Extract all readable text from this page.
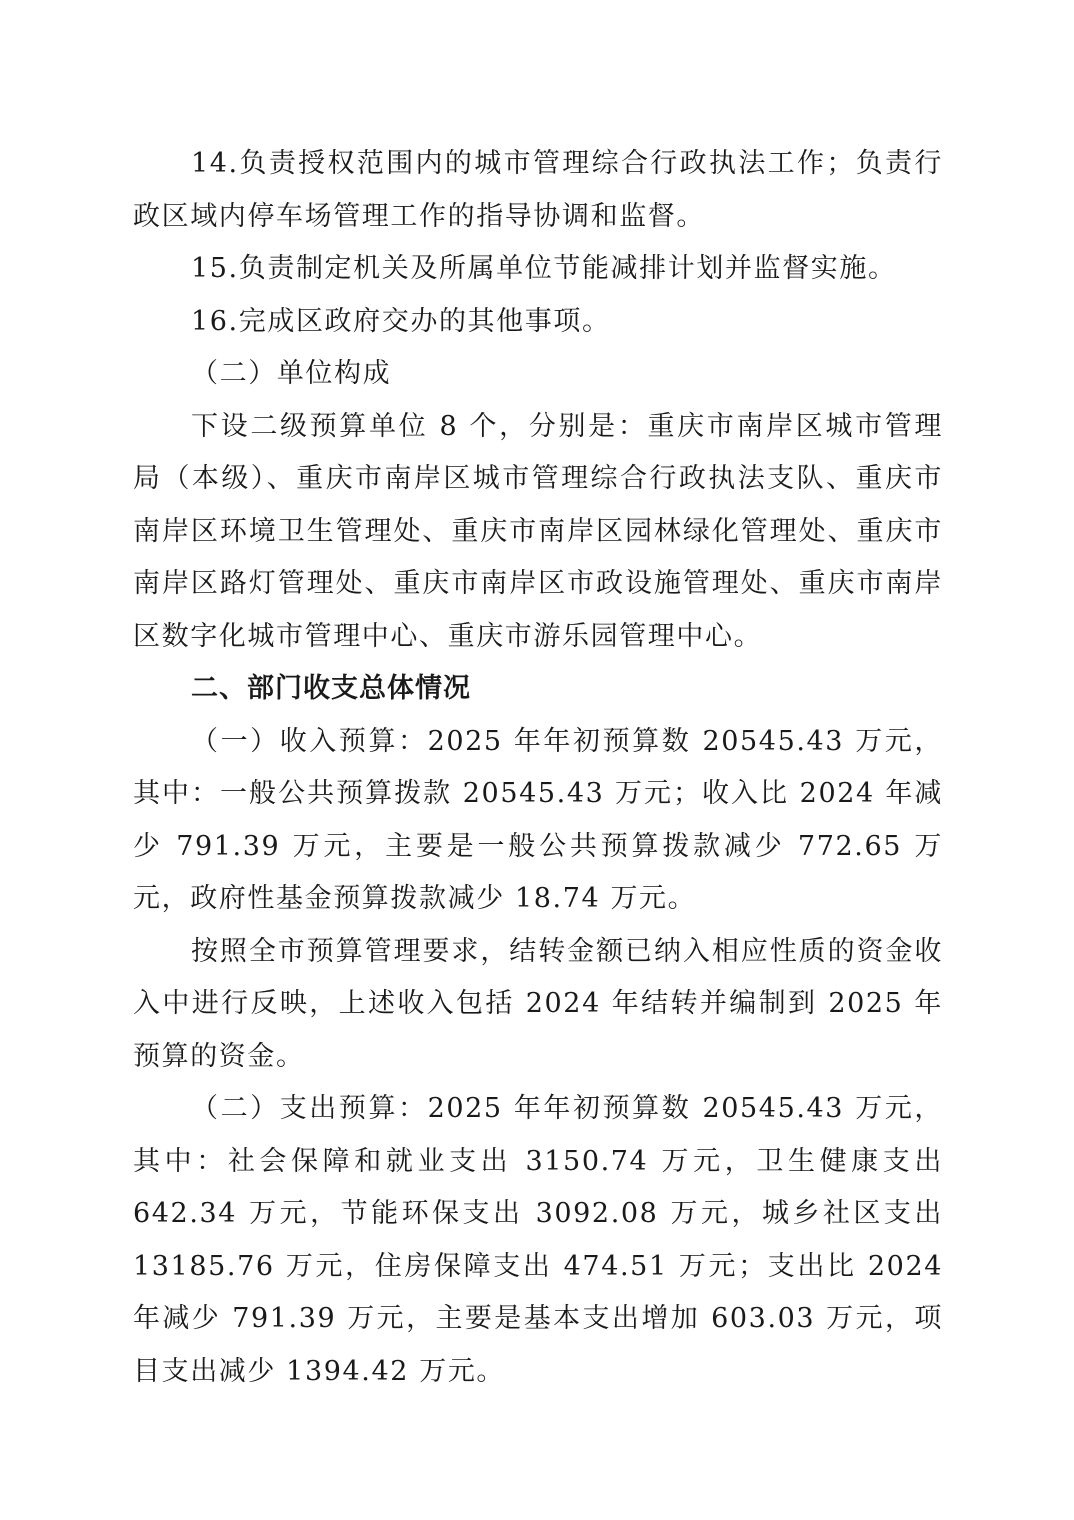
14.负责授权范围内的城市管理综合行政执法工作；负责行政区域内停车场管理工作的指导协调和监督。

15.负责制定机关及所属单位节能减排计划并监督实施。

16.完成区政府交办的其他事项。

（二）单位构成

下设二级预算单位 8 个，分别是：重庆市南岸区城市管理局（本级）、重庆市南岸区城市管理综合行政执法支队、重庆市南岸区环境卫生管理处、重庆市南岸区园林绿化管理处、重庆市南岸区路灯管理处、重庆市南岸区市政设施管理处、重庆市南岸区数字化城市管理中心、重庆市游乐园管理中心。

二、部门收支总体情况

（一）收入预算：2025 年年初预算数 20545.43 万元，其中：一般公共预算拨款 20545.43 万元；收入比 2024 年减少 791.39 万元，主要是一般公共预算拨款减少 772.65 万元，政府性基金预算拨款减少 18.74 万元。

按照全市预算管理要求，结转金额已纳入相应性质的资金收入中进行反映，上述收入包括 2024 年结转并编制到 2025 年预算的资金。

（二）支出预算：2025 年年初预算数 20545.43 万元，其中：社会保障和就业支出 3150.74 万元，卫生健康支出 642.34 万元，节能环保支出 3092.08 万元，城乡社区支出 13185.76 万元，住房保障支出 474.51 万元；支出比 2024 年减少 791.39 万元，主要是基本支出增加 603.03 万元，项目支出减少 1394.42 万元。
